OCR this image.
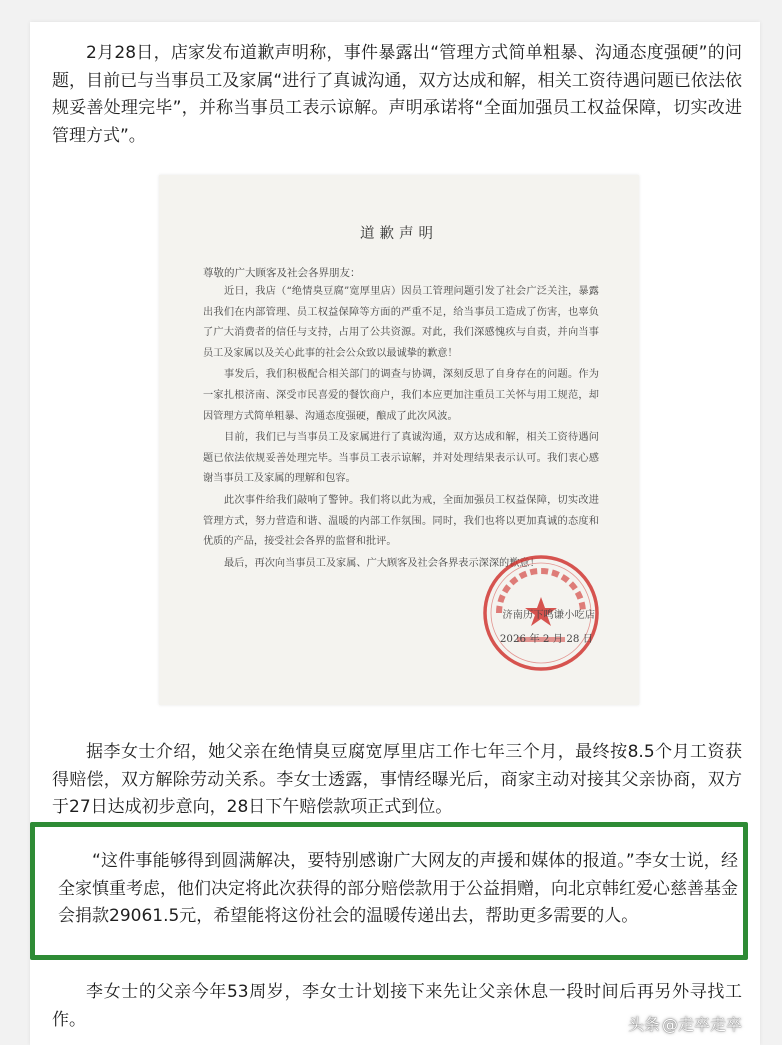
2月28日，店家发布道歉声明称，事件暴露出“管理方式简单粗暴、沟通态度强硬”的问题，目前已与当事员工及家属“进行了真诚沟通，双方达成和解，相关工资待遇问题已依法依规妥善处理完毕”，并称当事员工表示谅解。声明承诺将“全面加强员工权益保障，切实改进管理方式”。

道歉声明
尊敬的广大顾客及社会各界朋友：

近日，我店（“绝情臭豆腐”宽厚里店）因员工管理问题引发了社会广泛关注，暴露出我们在内部管理、员工权益保障等方面的严重不足，给当事员工造成了伤害，也辜负了广大消费者的信任与支持，占用了公共资源。对此，我们深感愧疚与自责，并向当事员工及家属以及关心此事的社会公众致以最诚挚的歉意！

事发后，我们积极配合相关部门的调查与协调，深刻反思了自身存在的问题。作为一家扎根济南、深受市民喜爱的餐饮商户，我们本应更加注重员工关怀与用工规范，却因管理方式简单粗暴、沟通态度强硬，酿成了此次风波。

目前，我们已与当事员工及家属进行了真诚沟通，双方达成和解，相关工资待遇问题已依法依规妥善处理完毕。当事员工表示谅解，并对处理结果表示认可。我们衷心感谢当事员工及家属的理解和包容。

此次事件给我们敲响了警钟。我们将以此为戒，全面加强员工权益保障，切实改进管理方式，努力营造和谐、温暖的内部工作氛围。同时，我们也将以更加真诚的态度和优质的产品，接受社会各界的监督和批评。

最后，再次向当事员工及家属、广大顾客及社会各界表示深深的歉意！

济南历下鸣谦小吃店
2026 年 2 月 28 日

据李女士介绍，她父亲在绝情臭豆腐宽厚里店工作七年三个月，最终按8.5个月工资获得赔偿，双方解除劳动关系。李女士透露，事情经曝光后，商家主动对接其父亲协商，双方于27日达成初步意向，28日下午赔偿款项正式到位。

“这件事能够得到圆满解决，要特别感谢广大网友的声援和媒体的报道。”李女士说，经全家慎重考虑，他们决定将此次获得的部分赔偿款用于公益捐赠，向北京韩红爱心慈善基金会捐款29061.5元，希望能将这份社会的温暖传递出去，帮助更多需要的人。

李女士的父亲今年53周岁，李女士计划接下来先让父亲休息一段时间后再另外寻找工作。	头条 @走卒走卒
